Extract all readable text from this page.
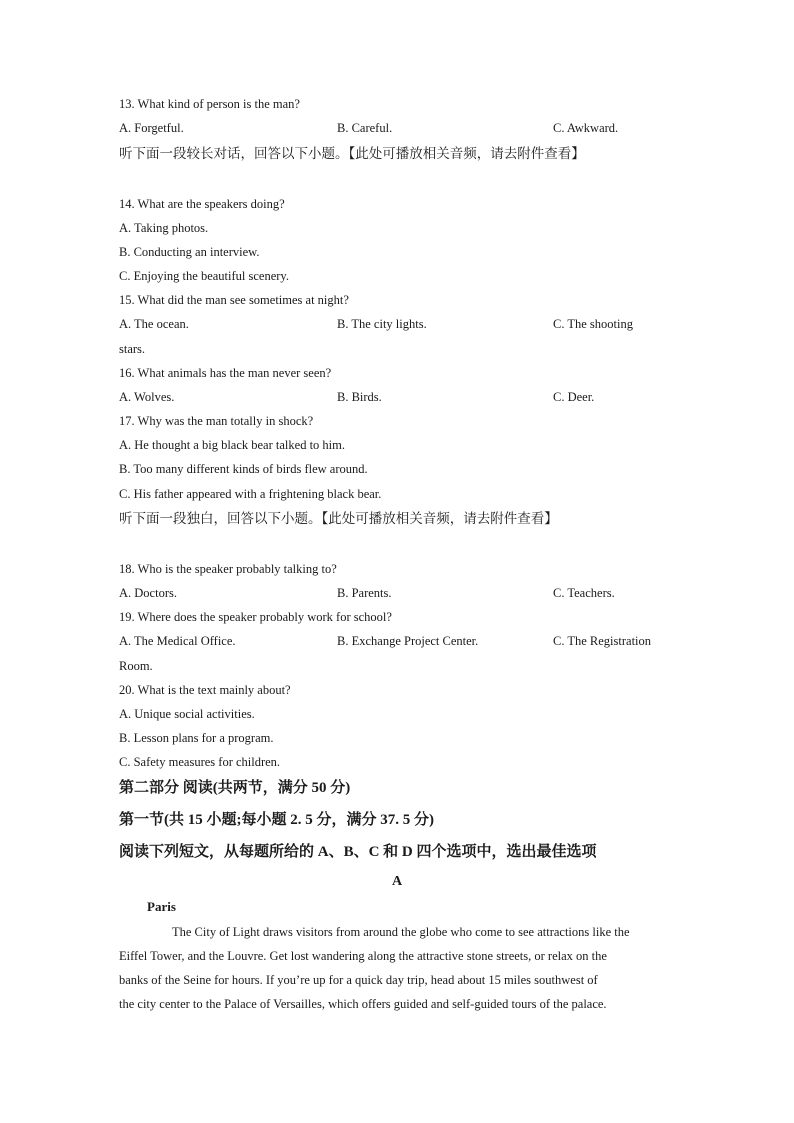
13. What kind of person is the man?
A. Forgetful.	B. Careful.	C. Awkward.
听下面一段较长对话，回答以下小题。【此处可播放相关音频，请去附件查看】
14. What are the speakers doing?
A. Taking photos.
B. Conducting an interview.
C. Enjoying the beautiful scenery.
15. What did the man see sometimes at night?
A. The ocean.	B. The city lights.	C. The shooting
stars.
16. What animals has the man never seen?
A. Wolves.	B. Birds.	C. Deer.
17. Why was the man totally in shock?
A. He thought a big black bear talked to him.
B. Too many different kinds of birds flew around.
C. His father appeared with a frightening black bear.
听下面一段独白，回答以下小题。【此处可播放相关音频，请去附件查看】
18. Who is the speaker probably talking to?
A. Doctors.	B. Parents.	C. Teachers.
19. Where does the speaker probably work for school?
A. The Medical Office.	B. Exchange Project Center.	C. The Registration
Room.
20. What is the text mainly about?
A. Unique social activities.
B. Lesson plans for a program.
C. Safety measures for children.
第二部分 阅读(共两节，满分 50 分)
第一节(共 15 小题;每小题 2. 5 分，满分 37. 5 分)
阅读下列短文，从每题所给的 A、B、C 和 D 四个选项中，选出最佳选项
A
Paris
The City of Light draws visitors from around the globe who come to see attractions like the
Eiffel Tower, and the Louvre. Get lost wandering along the attractive stone streets, or relax on the
banks of the Seine for hours. If you’re up for a quick day trip, head about 15 miles southwest of
the city center to the Palace of Versailles, which offers guided and self-guided tours of the palace.
